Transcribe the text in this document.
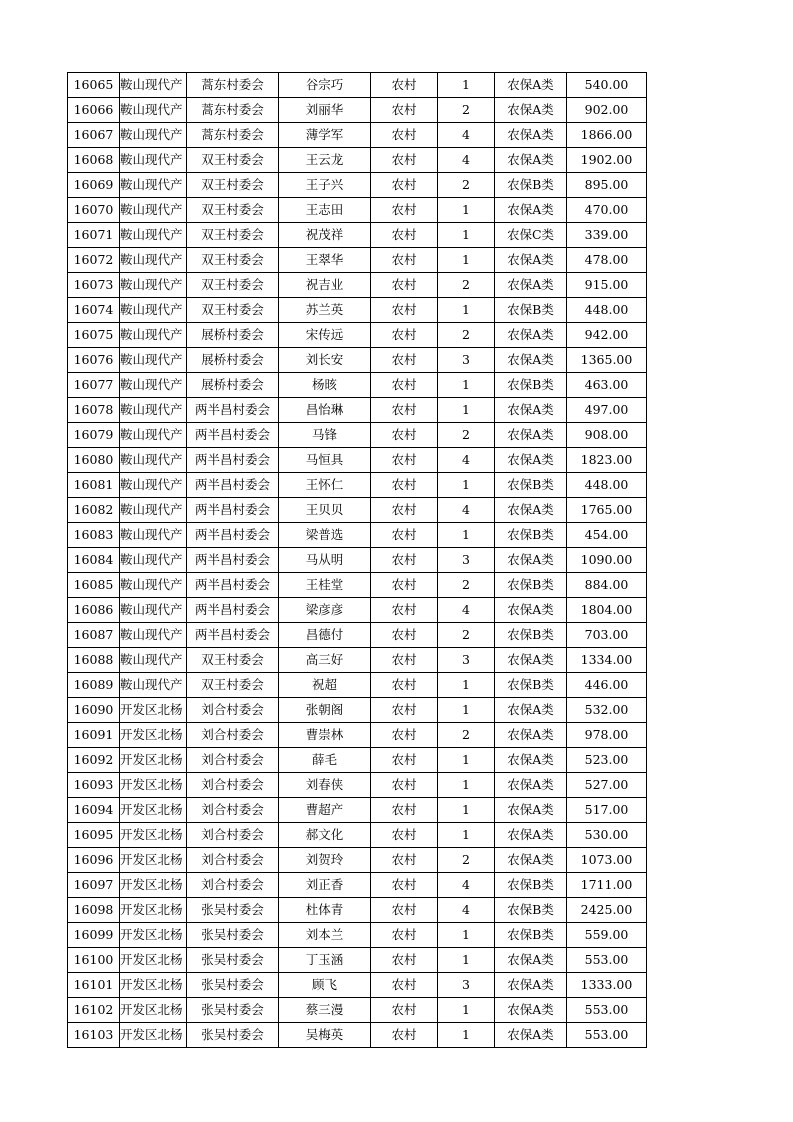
16065	鞍山现代产	蒿东村委会	谷宗巧	农村	1	农保A类	540.00
16066	鞍山现代产	蒿东村委会	刘丽华	农村	2	农保A类	902.00
16067	鞍山现代产	蒿东村委会	薄学军	农村	4	农保A类	1866.00
16068	鞍山现代产	双王村委会	王云龙	农村	4	农保A类	1902.00
16069	鞍山现代产	双王村委会	王子兴	农村	2	农保B类	895.00
16070	鞍山现代产	双王村委会	王志田	农村	1	农保A类	470.00
16071	鞍山现代产	双王村委会	祝茂祥	农村	1	农保C类	339.00
16072	鞍山现代产	双王村委会	王翠华	农村	1	农保A类	478.00
16073	鞍山现代产	双王村委会	祝吉业	农村	2	农保A类	915.00
16074	鞍山现代产	双王村委会	苏兰英	农村	1	农保B类	448.00
16075	鞍山现代产	展桥村委会	宋传远	农村	2	农保A类	942.00
16076	鞍山现代产	展桥村委会	刘长安	农村	3	农保A类	1365.00
16077	鞍山现代产	展桥村委会	杨晐	农村	1	农保B类	463.00
16078	鞍山现代产	两半昌村委会	昌怡琳	农村	1	农保A类	497.00
16079	鞍山现代产	两半昌村委会	马锋	农村	2	农保A类	908.00
16080	鞍山现代产	两半昌村委会	马恒具	农村	4	农保A类	1823.00
16081	鞍山现代产	两半昌村委会	王怀仁	农村	1	农保B类	448.00
16082	鞍山现代产	两半昌村委会	王贝贝	农村	4	农保A类	1765.00
16083	鞍山现代产	两半昌村委会	梁普选	农村	1	农保B类	454.00
16084	鞍山现代产	两半昌村委会	马从明	农村	3	农保A类	1090.00
16085	鞍山现代产	两半昌村委会	王桂堂	农村	2	农保B类	884.00
16086	鞍山现代产	两半昌村委会	梁彦彦	农村	4	农保A类	1804.00
16087	鞍山现代产	两半昌村委会	昌德付	农村	2	农保B类	703.00
16088	鞍山现代产	双王村委会	高三好	农村	3	农保A类	1334.00
16089	鞍山现代产	双王村委会	祝超	农村	1	农保B类	446.00
16090	开发区北杨	刘合村委会	张朝阁	农村	1	农保A类	532.00
16091	开发区北杨	刘合村委会	曹崇林	农村	2	农保A类	978.00
16092	开发区北杨	刘合村委会	薛毛	农村	1	农保A类	523.00
16093	开发区北杨	刘合村委会	刘春侠	农村	1	农保A类	527.00
16094	开发区北杨	刘合村委会	曹超产	农村	1	农保A类	517.00
16095	开发区北杨	刘合村委会	郝文化	农村	1	农保A类	530.00
16096	开发区北杨	刘合村委会	刘贺玲	农村	2	农保A类	1073.00
16097	开发区北杨	刘合村委会	刘正香	农村	4	农保B类	1711.00
16098	开发区北杨	张吴村委会	杜体青	农村	4	农保B类	2425.00
16099	开发区北杨	张吴村委会	刘本兰	农村	1	农保B类	559.00
16100	开发区北杨	张吴村委会	丁玉涵	农村	1	农保A类	553.00
16101	开发区北杨	张吴村委会	顾飞	农村	3	农保A类	1333.00
16102	开发区北杨	张吴村委会	蔡三漫	农村	1	农保A类	553.00
16103	开发区北杨	张吴村委会	吴梅英	农村	1	农保A类	553.00
